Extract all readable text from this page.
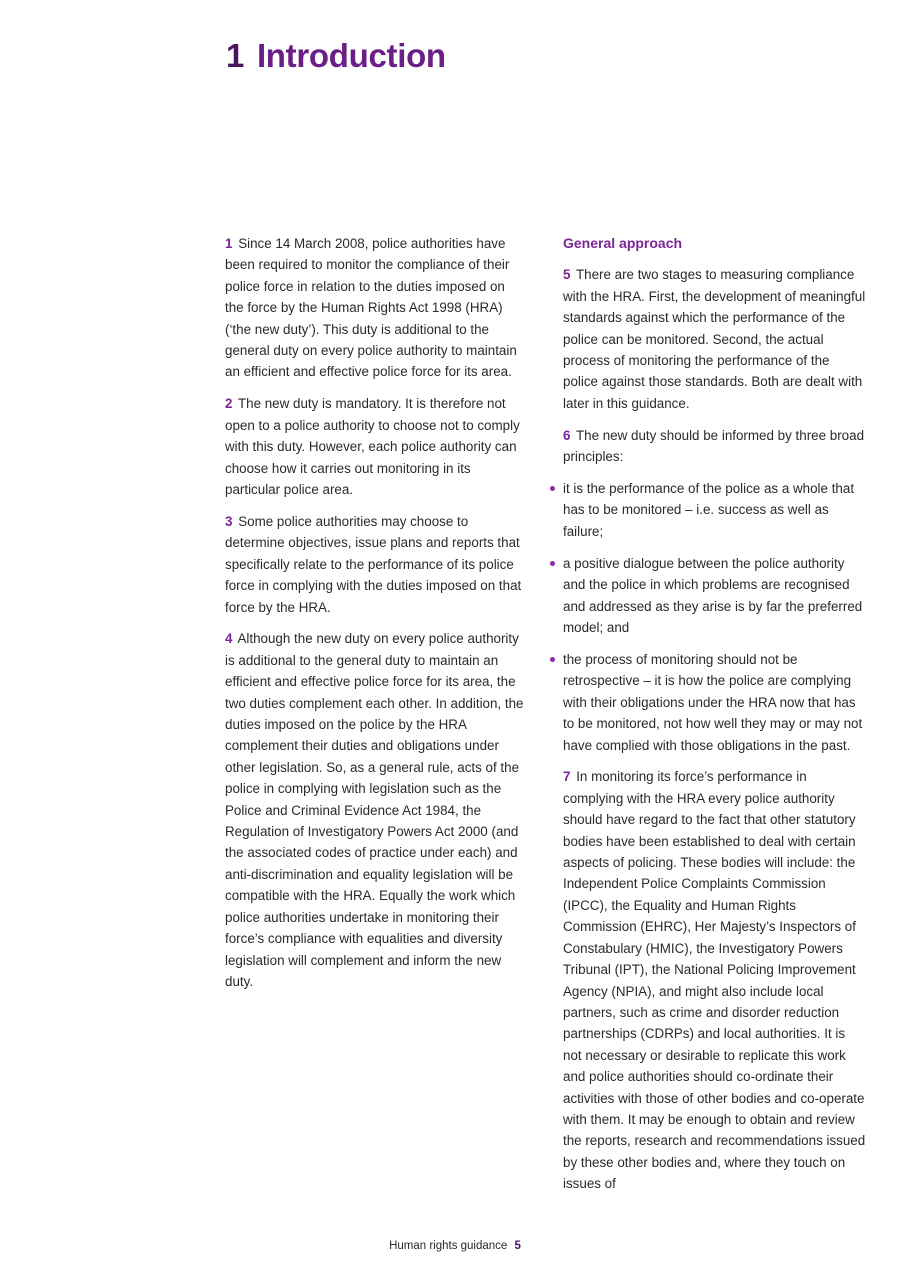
1 Introduction

1 Since 14 March 2008, police authorities have been required to monitor the compliance of their police force in relation to the duties imposed on the force by the Human Rights Act 1998 (HRA) (‘the new duty’). This duty is additional to the general duty on every police authority to maintain an efficient and effective police force for its area.

2 The new duty is mandatory. It is therefore not open to a police authority to choose not to comply with this duty. However, each police authority can choose how it carries out monitoring in its particular police area.

3 Some police authorities may choose to determine objectives, issue plans and reports that specifically relate to the performance of its police force in complying with the duties imposed on that force by the HRA.

4 Although the new duty on every police authority is additional to the general duty to maintain an efficient and effective police force for its area, the two duties complement each other. In addition, the duties imposed on the police by the HRA complement their duties and obligations under other legislation. So, as a general rule, acts of the police in complying with legislation such as the Police and Criminal Evidence Act 1984, the Regulation of Investigatory Powers Act 2000 (and the associated codes of practice under each) and anti-discrimination and equality legislation will be compatible with the HRA. Equally the work which police authorities undertake in monitoring their force’s compliance with equalities and diversity legislation will complement and inform the new duty.

General approach

5 There are two stages to measuring compliance with the HRA. First, the development of meaningful standards against which the performance of the police can be monitored. Second, the actual process of monitoring the performance of the police against those standards. Both are dealt with later in this guidance.

6 The new duty should be informed by three broad principles:

it is the performance of the police as a whole that has to be monitored – i.e. success as well as failure;
a positive dialogue between the police authority and the police in which problems are recognised and addressed as they arise is by far the preferred model; and
the process of monitoring should not be retrospective – it is how the police are complying with their obligations under the HRA now that has to be monitored, not how well they may or may not have complied with those obligations in the past.

7 In monitoring its force’s performance in complying with the HRA every police authority should have regard to the fact that other statutory bodies have been established to deal with certain aspects of policing. These bodies will include: the Independent Police Complaints Commission (IPCC), the Equality and Human Rights Commission (EHRC), Her Majesty’s Inspectors of Constabulary (HMIC), the Investigatory Powers Tribunal (IPT), the National Policing Improvement Agency (NPIA), and might also include local partners, such as crime and disorder reduction partnerships (CDRPs) and local authorities. It is not necessary or desirable to replicate this work and police authorities should co-ordinate their activities with those of other bodies and co-operate with them. It may be enough to obtain and review the reports, research and recommendations issued by these other bodies and, where they touch on issues of

Human rights guidance 5
